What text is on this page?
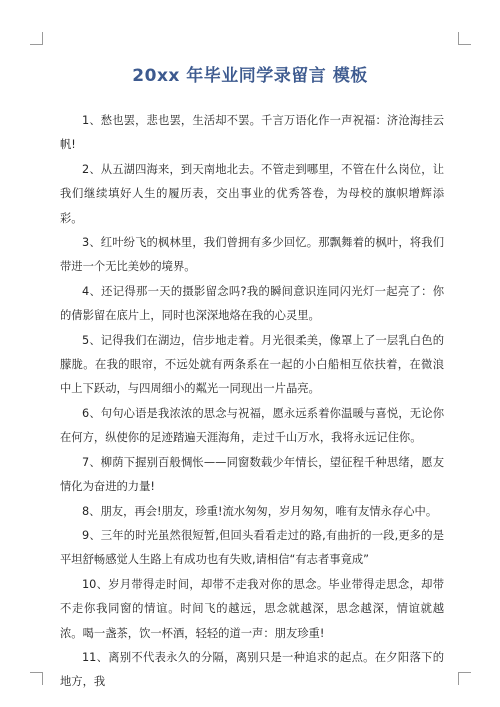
20xx 年毕业同学录留言 模板

1、愁也罢，悲也罢，生活却不罢。千言万语化作一声祝福：济沧海挂云帆!

2、从五湖四海来，到天南地北去。不管走到哪里，不管在什么岗位，让我们继续填好人生的履历表，交出事业的优秀答卷，为母校的旗帜增辉添彩。

3、红叶纷飞的枫林里，我们曾拥有多少回忆。那飘舞着的枫叶，将我们带进一个无比美妙的境界。

4、还记得那一天的摄影留念吗?我的瞬间意识连同闪光灯一起亮了：你的倩影留在底片上，同时也深深地烙在我的心灵里。

5、记得我们在湖边，信步地走着。月光很柔美，像罩上了一层乳白色的朦胧。在我的眼帘，不远处就有两条系在一起的小白船相互依扶着，在微浪中上下跃动，与四周细小的粼光一同现出一片晶亮。

6、句句心语是我浓浓的思念与祝福，愿永远系着你温暖与喜悦，无论你在何方，纵使你的足迹踏遍天涯海角，走过千山万水，我将永远记住你。

7、柳荫下握别百般惆怅——同窗数载少年情长，望征程千种思绪，愿友情化为奋进的力量!

8、朋友，再会!朋友，珍重!流水匆匆，岁月匆匆，唯有友情永存心中。

9、三年的时光虽然很短暂,但回头看看走过的路,有曲折的一段,更多的是平坦舒畅感觉人生路上有成功也有失败,请相信“有志者事竟成”

10、岁月带得走时间，却带不走我对你的思念。毕业带得走思念，却带不走你我同窗的情谊。时间飞的越远，思念就越深，思念越深，情谊就越浓。喝一盏茶，饮一杯酒，轻轻的道一声：朋友珍重!

11、离别不代表永久的分隔，离别只是一种追求的起点。在夕阳落下的地方，我
